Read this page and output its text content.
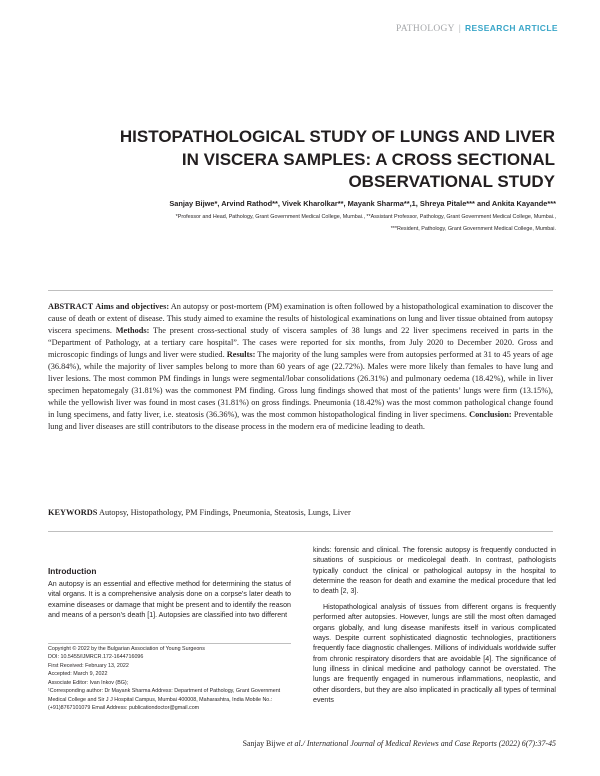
PATHOLOGY | RESEARCH ARTICLE
HISTOPATHOLOGICAL STUDY OF LUNGS AND LIVER
IN VISCERA SAMPLES: A CROSS SECTIONAL
OBSERVATIONAL STUDY
Sanjay Bijwe*, Arvind Rathod**, Vivek Kharolkar**, Mayank Sharma**,1, Shreya Pitale*** and Ankita Kayande***
*Professor and Head, Pathology, Grant Government Medical College, Mumbai., **Assistant Professor, Pathology, Grant Government Medical College, Mumbai.,
***Resident, Pathology, Grant Government Medical College, Mumbai.
ABSTRACT Aims and objectives: An autopsy or post-mortem (PM) examination is often followed by a histopathological examination to discover the cause of death or extent of disease. This study aimed to examine the results of histological examinations on lung and liver tissue obtained from autopsy viscera specimens. Methods: The present cross-sectional study of viscera samples of 38 lungs and 22 liver specimens received in parts in the “Department of Pathology, at a tertiary care hospital”. The cases were reported for six months, from July 2020 to December 2020. Gross and microscopic findings of lungs and liver were studied. Results: The majority of the lung samples were from autopsies performed at 31 to 45 years of age (36.84%), while the majority of liver samples belong to more than 60 years of age (22.72%). Males were more likely than females to have lung and liver lesions. The most common PM findings in lungs were segmental/lobar consolidations (26.31%) and pulmonary oedema (18.42%), while in liver specimen hepatomegaly (31.81%) was the commonest PM finding. Gross lung findings showed that most of the patients’ lungs were firm (13.15%), while the yellowish liver was found in most cases (31.81%) on gross findings. Pneumonia (18.42%) was the most common pathological change found in lung specimens, and fatty liver, i.e. steatosis (36.36%), was the most common histopathological finding in liver specimens. Conclusion: Preventable lung and liver diseases are still contributors to the disease process in the modern era of medicine leading to death.
KEYWORDS Autopsy, Histopathology, PM Findings, Pneumonia, Steatosis, Lungs, Liver
Introduction

An autopsy is an essential and effective method for determining the status of vital organs. It is a comprehensive analysis done on a corpse’s later death to examine diseases or damage that might be present and to identify the reason and means of a person’s death [1]. Autopsies are classified into two different

Copyright © 2022 by the Bulgarian Association of Young Surgeons
DOI: 10.5455/IJMRCR.172-1644716096
First Received: February 13, 2022
Accepted: March 9, 2022
Associate Editor: Ivan Inkov (BG);
¹Corresponding author: Dr Mayank Sharma Address: Department of Pathology, Grant Government Medical College and Sir J J Hospital Campus, Mumbai 400008, Maharashtra, India Mobile No.: (+91)8767101079 Email Address: publicationdoctor@gmail.com

kinds: forensic and clinical. The forensic autopsy is frequently conducted in situations of suspicious or medicolegal death. In contrast, pathologists typically conduct the clinical or pathological autopsy in the hospital to determine the reason for death and examine the medical procedure that led to death [2, 3].

Histopathological analysis of tissues from different organs is frequently performed after autopsies. However, lungs are still the most often damaged organs globally, and lung disease manifests itself in various complicated ways. Despite current sophisticated diagnostic technologies, practitioners frequently face diagnostic challenges. Millions of individuals worldwide suffer from chronic respiratory disorders that are avoidable [4]. The significance of lung illness in clinical medicine and pathology cannot be overstated. The lungs are frequently engaged in numerous inflammations, neoplastic, and other disorders, but they are also implicated in practically all types of terminal events

Sanjay Bijwe et al./ International Journal of Medical Reviews and Case Reports (2022) 6(7):37-45
